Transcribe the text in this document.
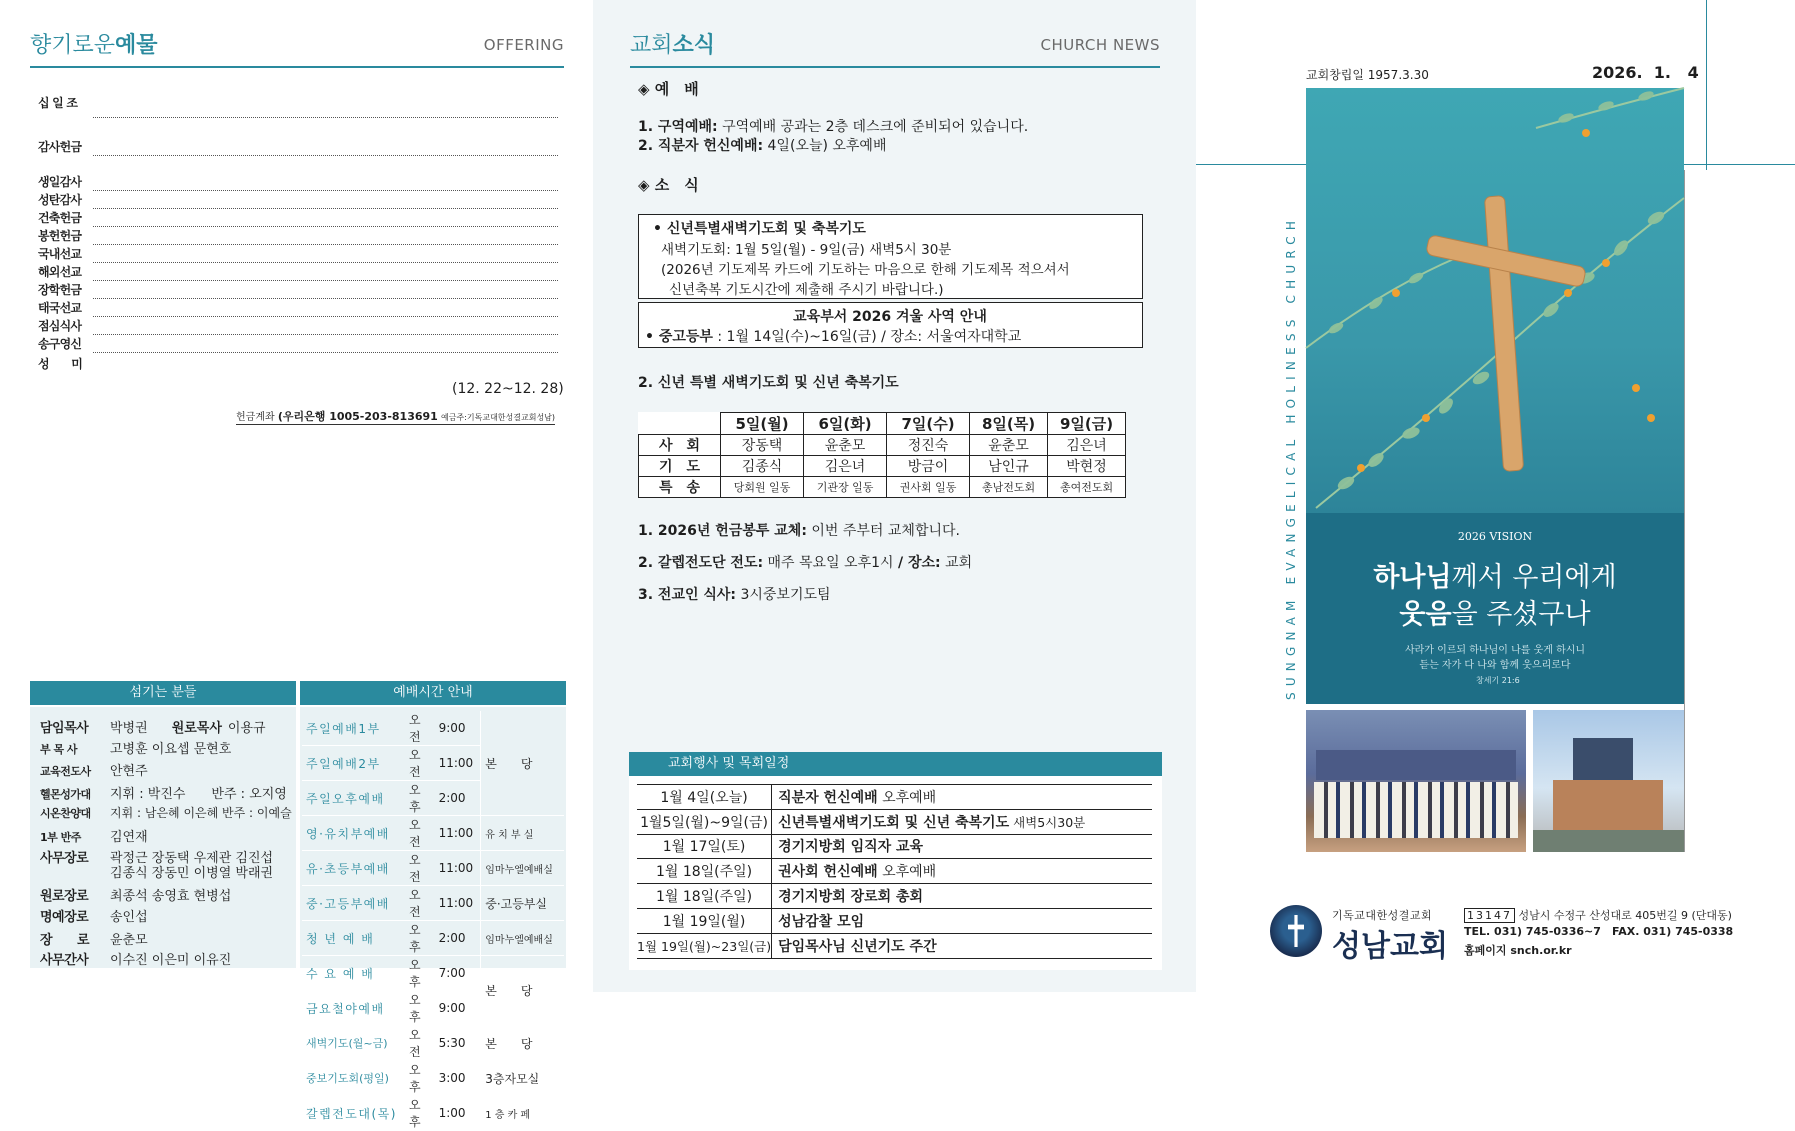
향기로운예물	OFFERING
십 일 조
감사헌금
생일감사
성탄감사
건축헌금
봉헌헌금
국내선교
해외선교
장학헌금
태국선교
점심식사
송구영신
성　　미
(12. 22~12. 28)
헌금계좌 (우리은행 1005-203-813691 예금주:기독교대한성결교회성남)
섬기는 분들
담임목사 박병권 원로목사 이용규
부 목 사	고병훈 이요셉 문현호
교육전도사 안현주
헬몬성가대 지휘 : 박진수　　반주 : 오지영
시온찬양대 지휘 : 남은혜 이은혜 반주 : 이예슬
1부 반주 김연재
사무장로 곽정근 장동택 우제관 김진섭
김종식 장동민 이병열 박래권
원로장로 최종석 송영효 현병섭
명예장로 송인섭
장　　로 윤춘모
사무간사 이수진 이은미 이유진
예배시간 안내
주일예배1부	오전	9:00	본　　당
주일예배2부	오전	11:00	
주일오후예배	오후	2:00	
영·유치부예배	오전	11:00	유 치 부 실
유·초등부예배	오전	11:00	임마누엘예배실
중·고등부예배	오전	11:00	중·고등부실
청 년 예 배	오후	2:00	임마누엘예배실
수 요 예 배	오후	7:00	본　　당
금요철야예배	오후	9:00	
새벽기도(월~금)	오전	5:30	본　　당
중보기도회(평일)	오후	3:00	3층자모실
갈렙전도대(목)	오후	1:00	1 층 카 페
교회소식	CHURCH NEWS
◈ 예　배
1. 구역예배: 구역예배 공과는 2층 데스크에 준비되어 있습니다.
2. 직분자 헌신예배: 4일(오늘) 오후예배
◈ 소　식
• 신년특별새벽기도회 및 축복기도
새벽기도회: 1월 5일(월) - 9일(금) 새벽5시 30분
(2026년 기도제목 카드에 기도하는 마음으로 한해 기도제목 적으셔서
신년축복 기도시간에 제출해 주시기 바랍니다.)
교육부서 2026 겨울 사역 안내
• 중고등부 : 1월 14일(수)~16일(금) / 장소: 서울여자대학교
2. 신년 특별 새벽기도회 및 신년 축복기도
	5일(월)	6일(화)	7일(수)	8일(목)	9일(금)
사　회	장동택	윤춘모	정진숙	윤춘모	김은녀
기　도	김종식	김은녀	방금이	남인규	박현정
특　송	당회원 일동	기관장 일동	권사회 일동	총남전도회	총여전도회
1. 2026년 헌금봉투 교체: 이번 주부터 교체합니다.
2. 갈렙전도단 전도: 매주 목요일 오후1시 / 장소: 교회
3. 전교인 식사: 3시중보기도팀
교회행사 및 목회일정
1월 4일(오늘)	직분자 헌신예배 오후예배
1월5일(월)~9일(금)	신년특별새벽기도회 및 신년 축복기도 새벽5시30분
1월 17일(토)	경기지방회 임직자 교육
1월 18일(주일)	권사회 헌신예배 오후예배
1월 18일(주일)	경기지방회 장로회 총회
1월 19일(월)	성남감찰 모임
1월 19일(월)~23일(금)	담임목사님 신년기도 주간
교회창립일 1957.3.30	2026.  1.   4
SUNGNAM EVANGELICAL HOLINESS CHURCH	2026 VISION
하나님께서 우리에게
웃음을 주셨구나
사라가 이르되 하나님이 나를 웃게 하시니
듣는 자가 다 나와 함께 웃으리로다
창세기 21:6
기독교대한성결교회
성남교회
13147 성남시 수정구 산성대로 405번길 9 (단대동)
TEL. 031) 745-0336~7 FAX. 031) 745-0338
홈페이지 snch.or.kr
